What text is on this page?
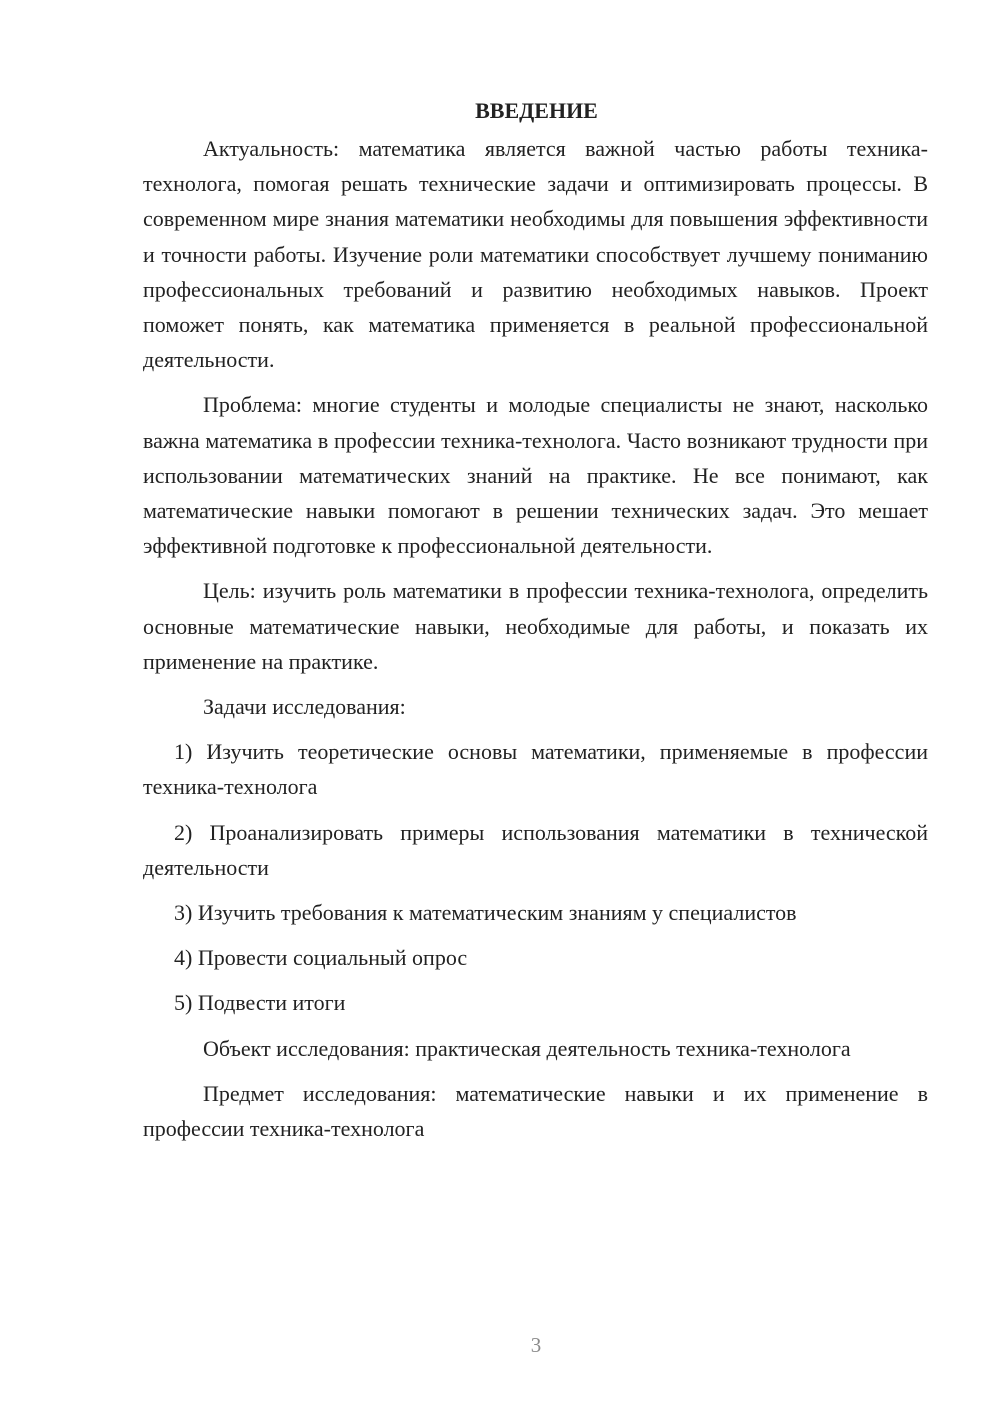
ВВЕДЕНИЕ

Актуальность: математика является важной частью работы техника-технолога, помогая решать технические задачи и оптимизировать процессы. В современном мире знания математики необходимы для повышения эффективности и точности работы. Изучение роли математики способствует лучшему пониманию профессиональных требований и развитию необходимых навыков. Проект поможет понять, как математика применяется в реальной профессиональной деятельности.

Проблема: многие студенты и молодые специалисты не знают, насколько важна математика в профессии техника-технолога. Часто возникают трудности при использовании математических знаний на практике. Не все понимают, как математические навыки помогают в решении технических задач. Это мешает эффективной подготовке к профессиональной деятельности.

Цель: изучить роль математики в профессии техника-технолога, определить основные математические навыки, необходимые для работы, и показать их применение на практике.

Задачи исследования:

1) Изучить теоретические основы математики, применяемые в профессии техника-технолога

2) Проанализировать примеры использования математики в технической деятельности

3) Изучить требования к математическим знаниям у специалистов

4) Провести социальный опрос

5) Подвести итоги

Объект исследования: практическая деятельность техника-технолога

Предмет исследования: математические навыки и их применение в профессии техника-технолога

3
